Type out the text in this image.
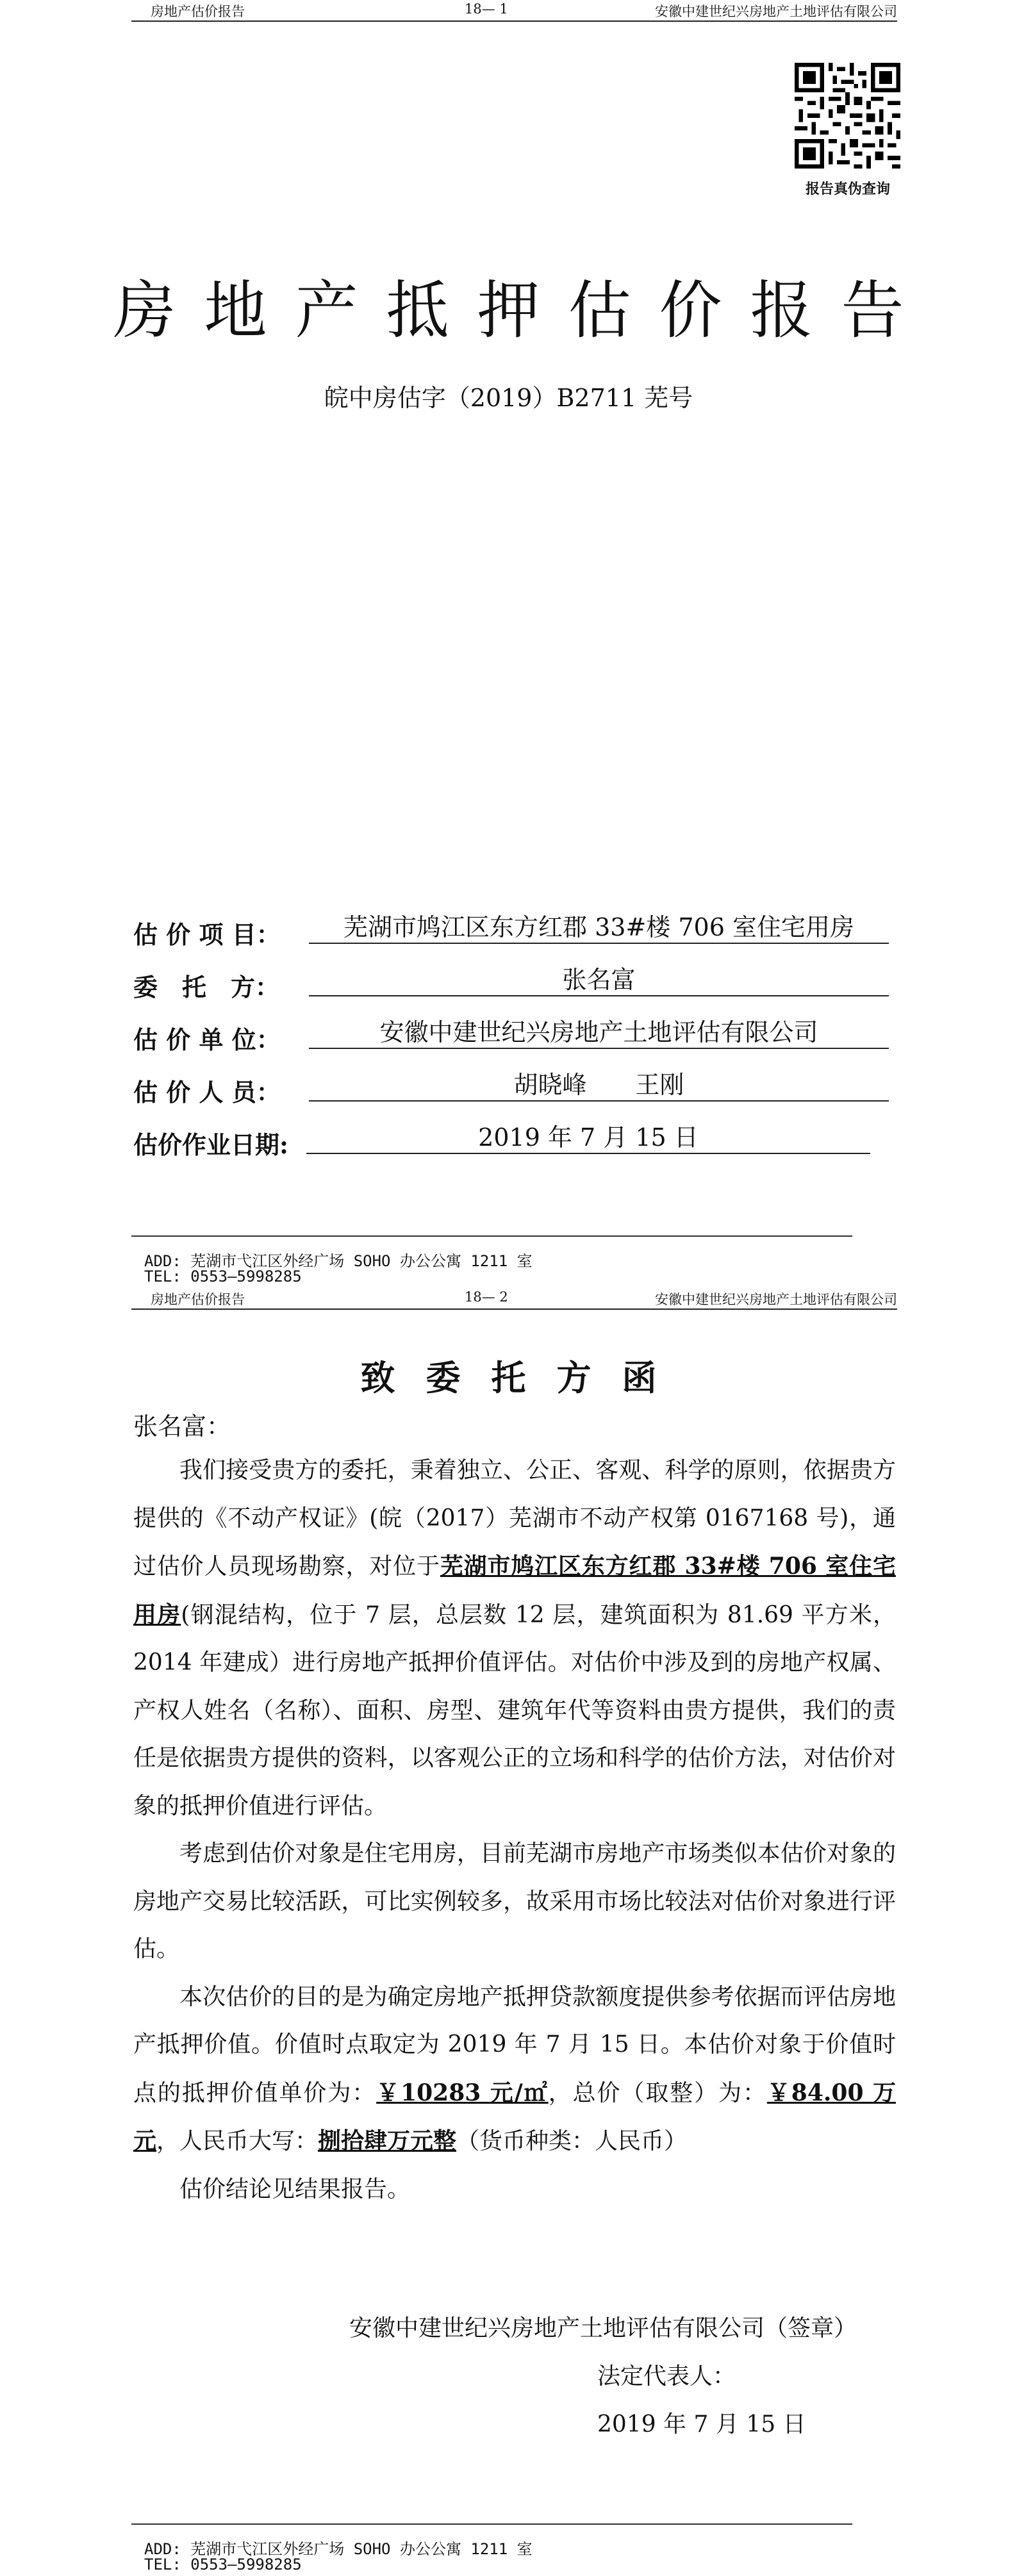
房地产估价报告	18— 1	安徽中建世纪兴房地产土地评估有限公司
报告真伪查询
房地产抵押估价报告
皖中房估字（2019）B2711 芜号
估 价 项 目：	芜湖市鸠江区东方红郡 33#楼 706 室住宅用房
委　托　方：	张名富
估 价 单 位：	安徽中建世纪兴房地产土地评估有限公司
估 价 人 员：	胡晓峰　　王刚
估价作业日期:	2019 年 7 月 15 日
ADD: 芜湖市弋江区外经广场 SOHO 办公公寓 1211 室
TEL: 0553—5998285
房地产估价报告	18— 2	安徽中建世纪兴房地产土地评估有限公司
致委托方函
张名富：

我们接受贵方的委托，秉着独立、公正、客观、科学的原则，依据贵方提供的《不动产权证》(皖（2017）芜湖市不动产权第 0167168 号)，通过估价人员现场勘察，对位于芜湖市鸠江区东方红郡 33#楼 706 室住宅用房(钢混结构，位于 7 层，总层数 12 层，建筑面积为 81.69 平方米，2014 年建成）进行房地产抵押价值评估。对估价中涉及到的房地产权属、产权人姓名（名称）、面积、房型、建筑年代等资料由贵方提供，我们的责任是依据贵方提供的资料，以客观公正的立场和科学的估价方法，对估价对象的抵押价值进行评估。

考虑到估价对象是住宅用房，目前芜湖市房地产市场类似本估价对象的房地产交易比较活跃，可比实例较多，故采用市场比较法对估价对象进行评估。

本次估价的目的是为确定房地产抵押贷款额度提供参考依据而评估房地产抵押价值。价值时点取定为 2019 年 7 月 15 日。本估价对象于价值时点的抵押价值单价为：￥10283 元/㎡，总价（取整）为：￥84.00 万元，人民币大写：捌拾肆万元整（货币种类：人民币）

估价结论见结果报告。

安徽中建世纪兴房地产土地评估有限公司（签章）
法定代表人：
2019 年 7 月 15 日
ADD: 芜湖市弋江区外经广场 SOHO 办公公寓 1211 室
TEL: 0553—5998285
